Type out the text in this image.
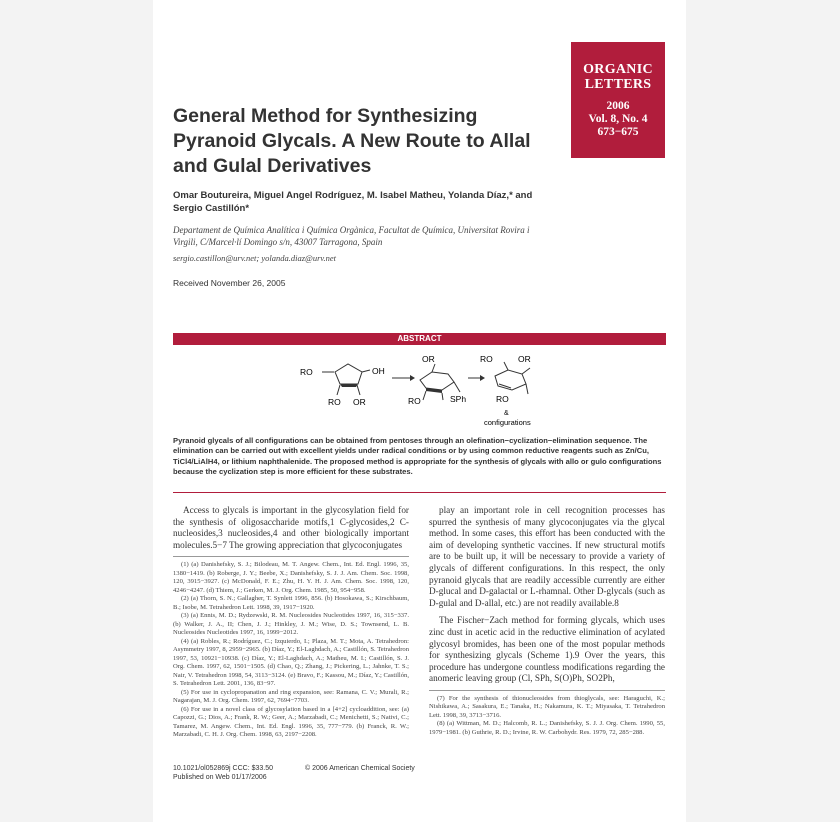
ORGANIC
LETTERS
2006
Vol. 8, No. 4
673−675
General Method for Synthesizing Pyranoid Glycals. A New Route to Allal and Gulal Derivatives
Omar Boutureira, Miguel Angel Rodríguez, M. Isabel Matheu, Yolanda Díaz,* and Sergio Castillón*
Departament de Química Analítica i Química Orgànica, Facultat de Química, Universitat Rovira i Virgili, C/Marcel·lí Domingo s/n, 43007 Tarragona, Spain
sergio.castillon@urv.net; yolanda.diaz@urv.net
Received November 26, 2005
ABSTRACT
RO	OH
RO OR
OR
RO	SPh
RO	OR
RO
&
configurations
Pyranoid glycals of all configurations can be obtained from pentoses through an olefination−cyclization−elimination sequence. The elimination can be carried out with excellent yields under radical conditions or by using common reductive reagents such as Zn/Cu, TiCl4/LiAlH4, or lithium naphthalenide. The proposed method is appropriate for the synthesis of glycals with allo or gulo configurations because the cyclization step is more efficient for these substrates.

Access to glycals is important in the glycosylation field for the synthesis of oligosaccharide motifs,1 C-glycosides,2 C-nucleosides,3 nucleosides,4 and other biologically important molecules.5−7 The growing appreciation that glycoconjugates

(1) (a) Danishefsky, S. J.; Bilodeau, M. T. Angew. Chem., Int. Ed. Engl. 1996, 35, 1380−1419. (b) Roberge, J. Y.; Beebe, X.; Danishefsky, S. J. J. Am. Chem. Soc. 1998, 120, 3915−3927. (c) McDonald, F. E.; Zhu, H. Y. H. J. Am. Chem. Soc. 1998, 120, 4246−4247. (d) Thiem, J.; Gerken, M. J. Org. Chem. 1985, 50, 954−958.
(2) (a) Thorn, S. N.; Gallagher, T. Synlett 1996, 856. (b) Hosokawa, S.; Kirschbaum, B.; Isobe, M. Tetrahedron Lett. 1998, 39, 1917−1920.
(3) (a) Ennis, M. D.; Rydzewski, R. M. Nucleosides Nucleotides 1997, 16, 315−337. (b) Walker, J. A., II; Chen, J. J.; Hinkley, J. M.; Wise, D. S.; Townsend, L. B. Nucleosides Nucleotides 1997, 16, 1999−2012.
(4) (a) Robles, R.; Rodríguez, C.; Izquierdo, I.; Plaza, M. T.; Mota, A. Tetrahedron: Asymmetry 1997, 8, 2959−2965. (b) Díaz, Y.; El-Laghdach, A.; Castillón, S. Tetrahedron 1997, 53, 10921−10938. (c) Díaz, Y.; El-Laghdach, A.; Matheu, M. I.; Castillón, S. J. Org. Chem. 1997, 62, 1501−1505. (d) Chao, Q.; Zhang, J.; Pickering, L.; Jahnke, T. S.; Nair, V. Tetrahedron 1998, 54, 3113−3124. (e) Bravo, F.; Kassou, M.; Díaz, Y.; Castillón, S. Tetrahedron Lett. 2001, 136, 83−97.
(5) For use in cyclopropanation and ring expansion, see: Ramana, C. V.; Murali, R.; Nagarajan, M. J. Org. Chem. 1997, 62, 7694−7703.
(6) For use in a novel class of glycosylation based in a [4+2] cycloaddition, see: (a) Capozzi, G.; Dios, A.; Frank, R. W.; Geer, A.; Marzabadi, C.; Menichetti, S.; Nativi, C.; Tamarez, M. Angew. Chem., Int. Ed. Engl. 1996, 35, 777−779. (b) Franck, R. W.; Marzabadi, C. H. J. Org. Chem. 1998, 63, 2197−2208.

play an important role in cell recognition processes has spurred the synthesis of many glycoconjugates via the glycal method. In some cases, this effort has been conducted with the aim of developing synthetic vaccines. If new structural motifs are to be built up, it will be necessary to provide a variety of glycals of different configurations. In this respect, the only pyranoid glycals that are readily accessible currently are either D-glucal and D-galactal or L-rhamnal. Other D-glycals (such as D-gulal and D-allal, etc.) are not readily available.8

The Fischer−Zach method for forming glycals, which uses zinc dust in acetic acid in the reductive elimination of acylated glycosyl bromides, has been one of the most popular methods for synthesizing glycals (Scheme 1).9 Over the years, this procedure has undergone countless modifications regarding the anomeric leaving group (Cl, SPh, S(O)Ph, SO2Ph,

(7) For the synthesis of thionucleosides from thioglycals, see: Haraguchi, K.; Nishikawa, A.; Sasakura, E.; Tanaka, H.; Nakamura, K. T.; Miyasaka, T. Tetrahedron Lett. 1998, 39, 3713−3716.
(8) (a) Wittman, M. D.; Halcomb, R. L.; Danishefsky, S. J. J. Org. Chem. 1990, 55, 1979−1981. (b) Guthrie, R. D.; Irvine, R. W. Carbohydr. Res. 1979, 72, 285−288.
10.1021/ol052869j CCC: $33.50	© 2006 American Chemical Society
Published on Web 01/17/2006
